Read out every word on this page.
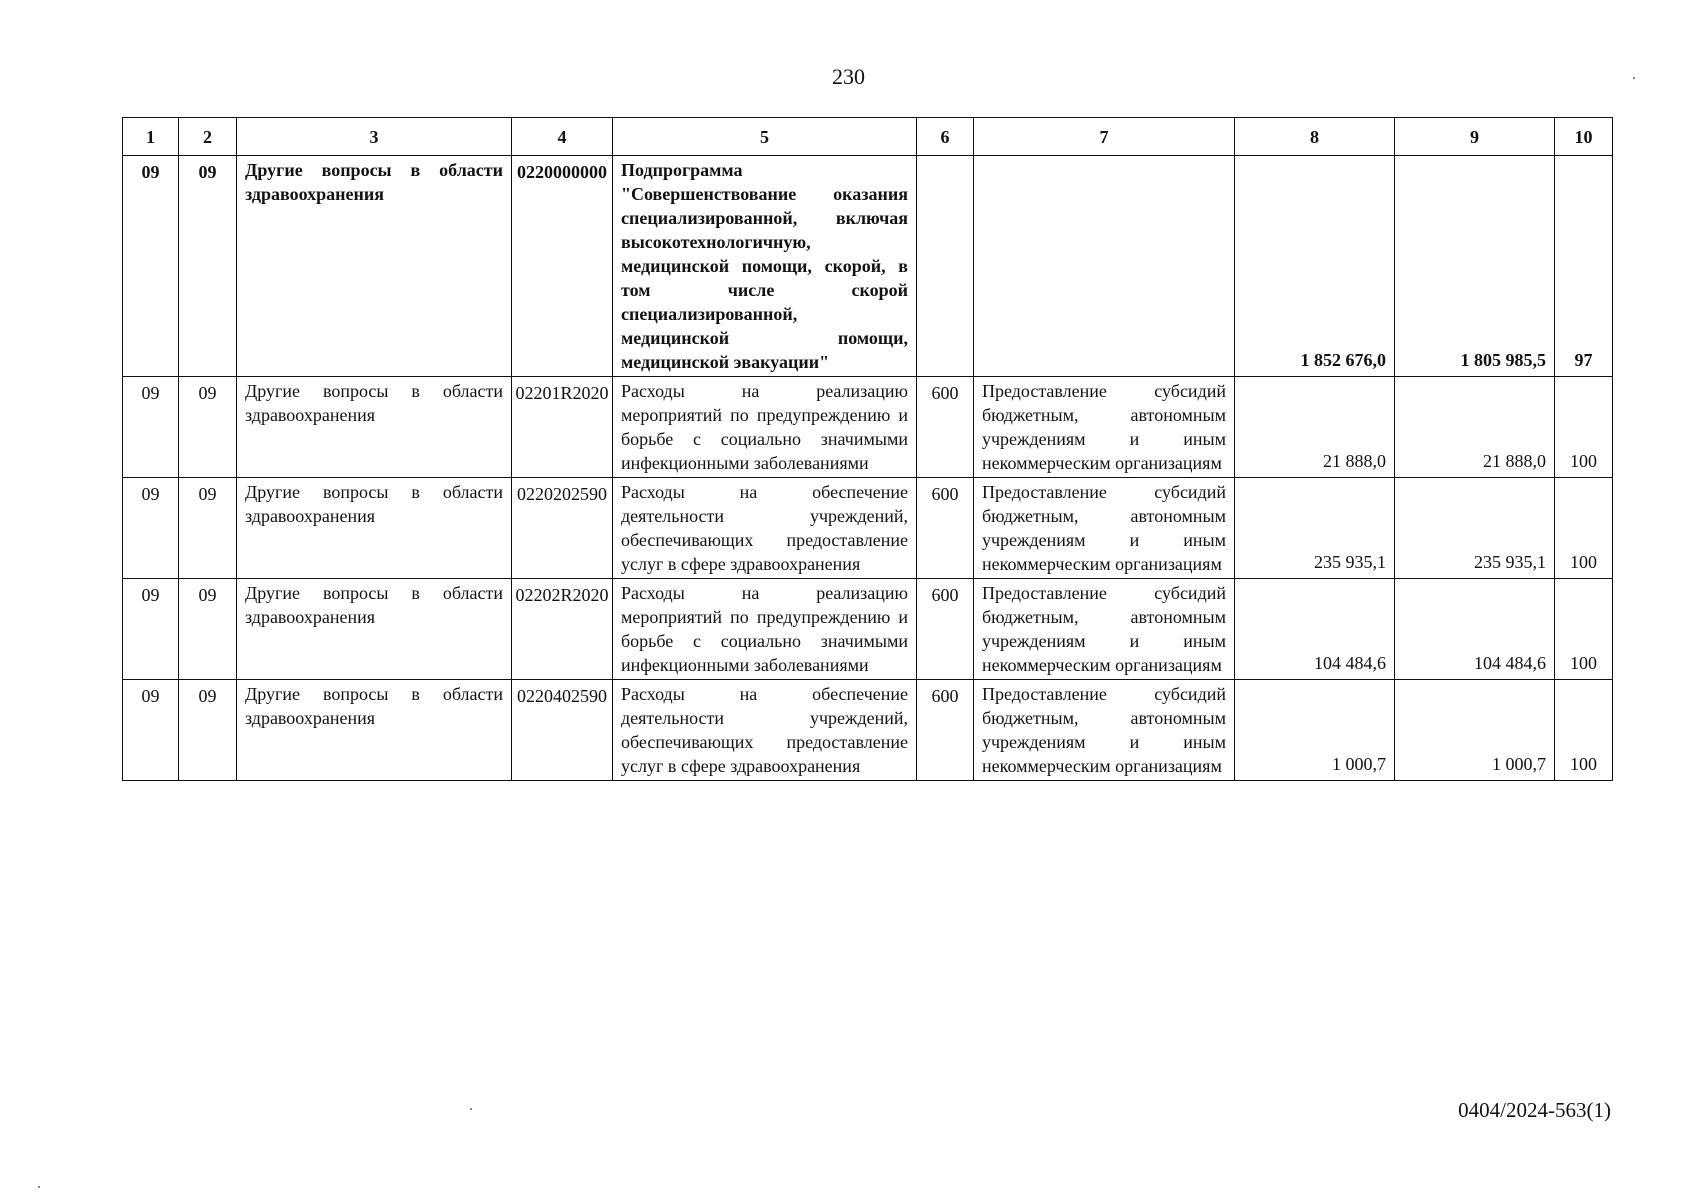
230
1	2	3	4	5	6	7	8	9	10
09	09	Другие вопросы в области здравоохранения	0220000000	Подпрограмма "Совершенствование оказания специализированной, включая высокотехнологичную, медицинской помощи, скорой, в том числе скорой специализированной, медицинской помощи, медицинской эвакуации"			1 852 676,0	1 805 985,5	97
09	09	Другие вопросы в области здравоохранения	02201R2020	Расходы на реализацию мероприятий по предупреждению и борьбе с социально значимыми инфекционными заболеваниями	600	Предоставление субсидий бюджетным, автономным учреждениям и иным некоммерческим организациям	21 888,0	21 888,0	100
09	09	Другие вопросы в области здравоохранения	0220202590	Расходы на обеспечение деятельности учреждений, обеспечивающих предоставление услуг в сфере здравоохранения	600	Предоставление субсидий бюджетным, автономным учреждениям и иным некоммерческим организациям	235 935,1	235 935,1	100
09	09	Другие вопросы в области здравоохранения	02202R2020	Расходы на реализацию мероприятий по предупреждению и борьбе с социально значимыми инфекционными заболеваниями	600	Предоставление субсидий бюджетным, автономным учреждениям и иным некоммерческим организациям	104 484,6	104 484,6	100
09	09	Другие вопросы в области здравоохранения	0220402590	Расходы на обеспечение деятельности учреждений, обеспечивающих предоставление услуг в сфере здравоохранения	600	Предоставление субсидий бюджетным, автономным учреждениям и иным некоммерческим организациям	1 000,7	1 000,7	100
0404/2024-563(1)
